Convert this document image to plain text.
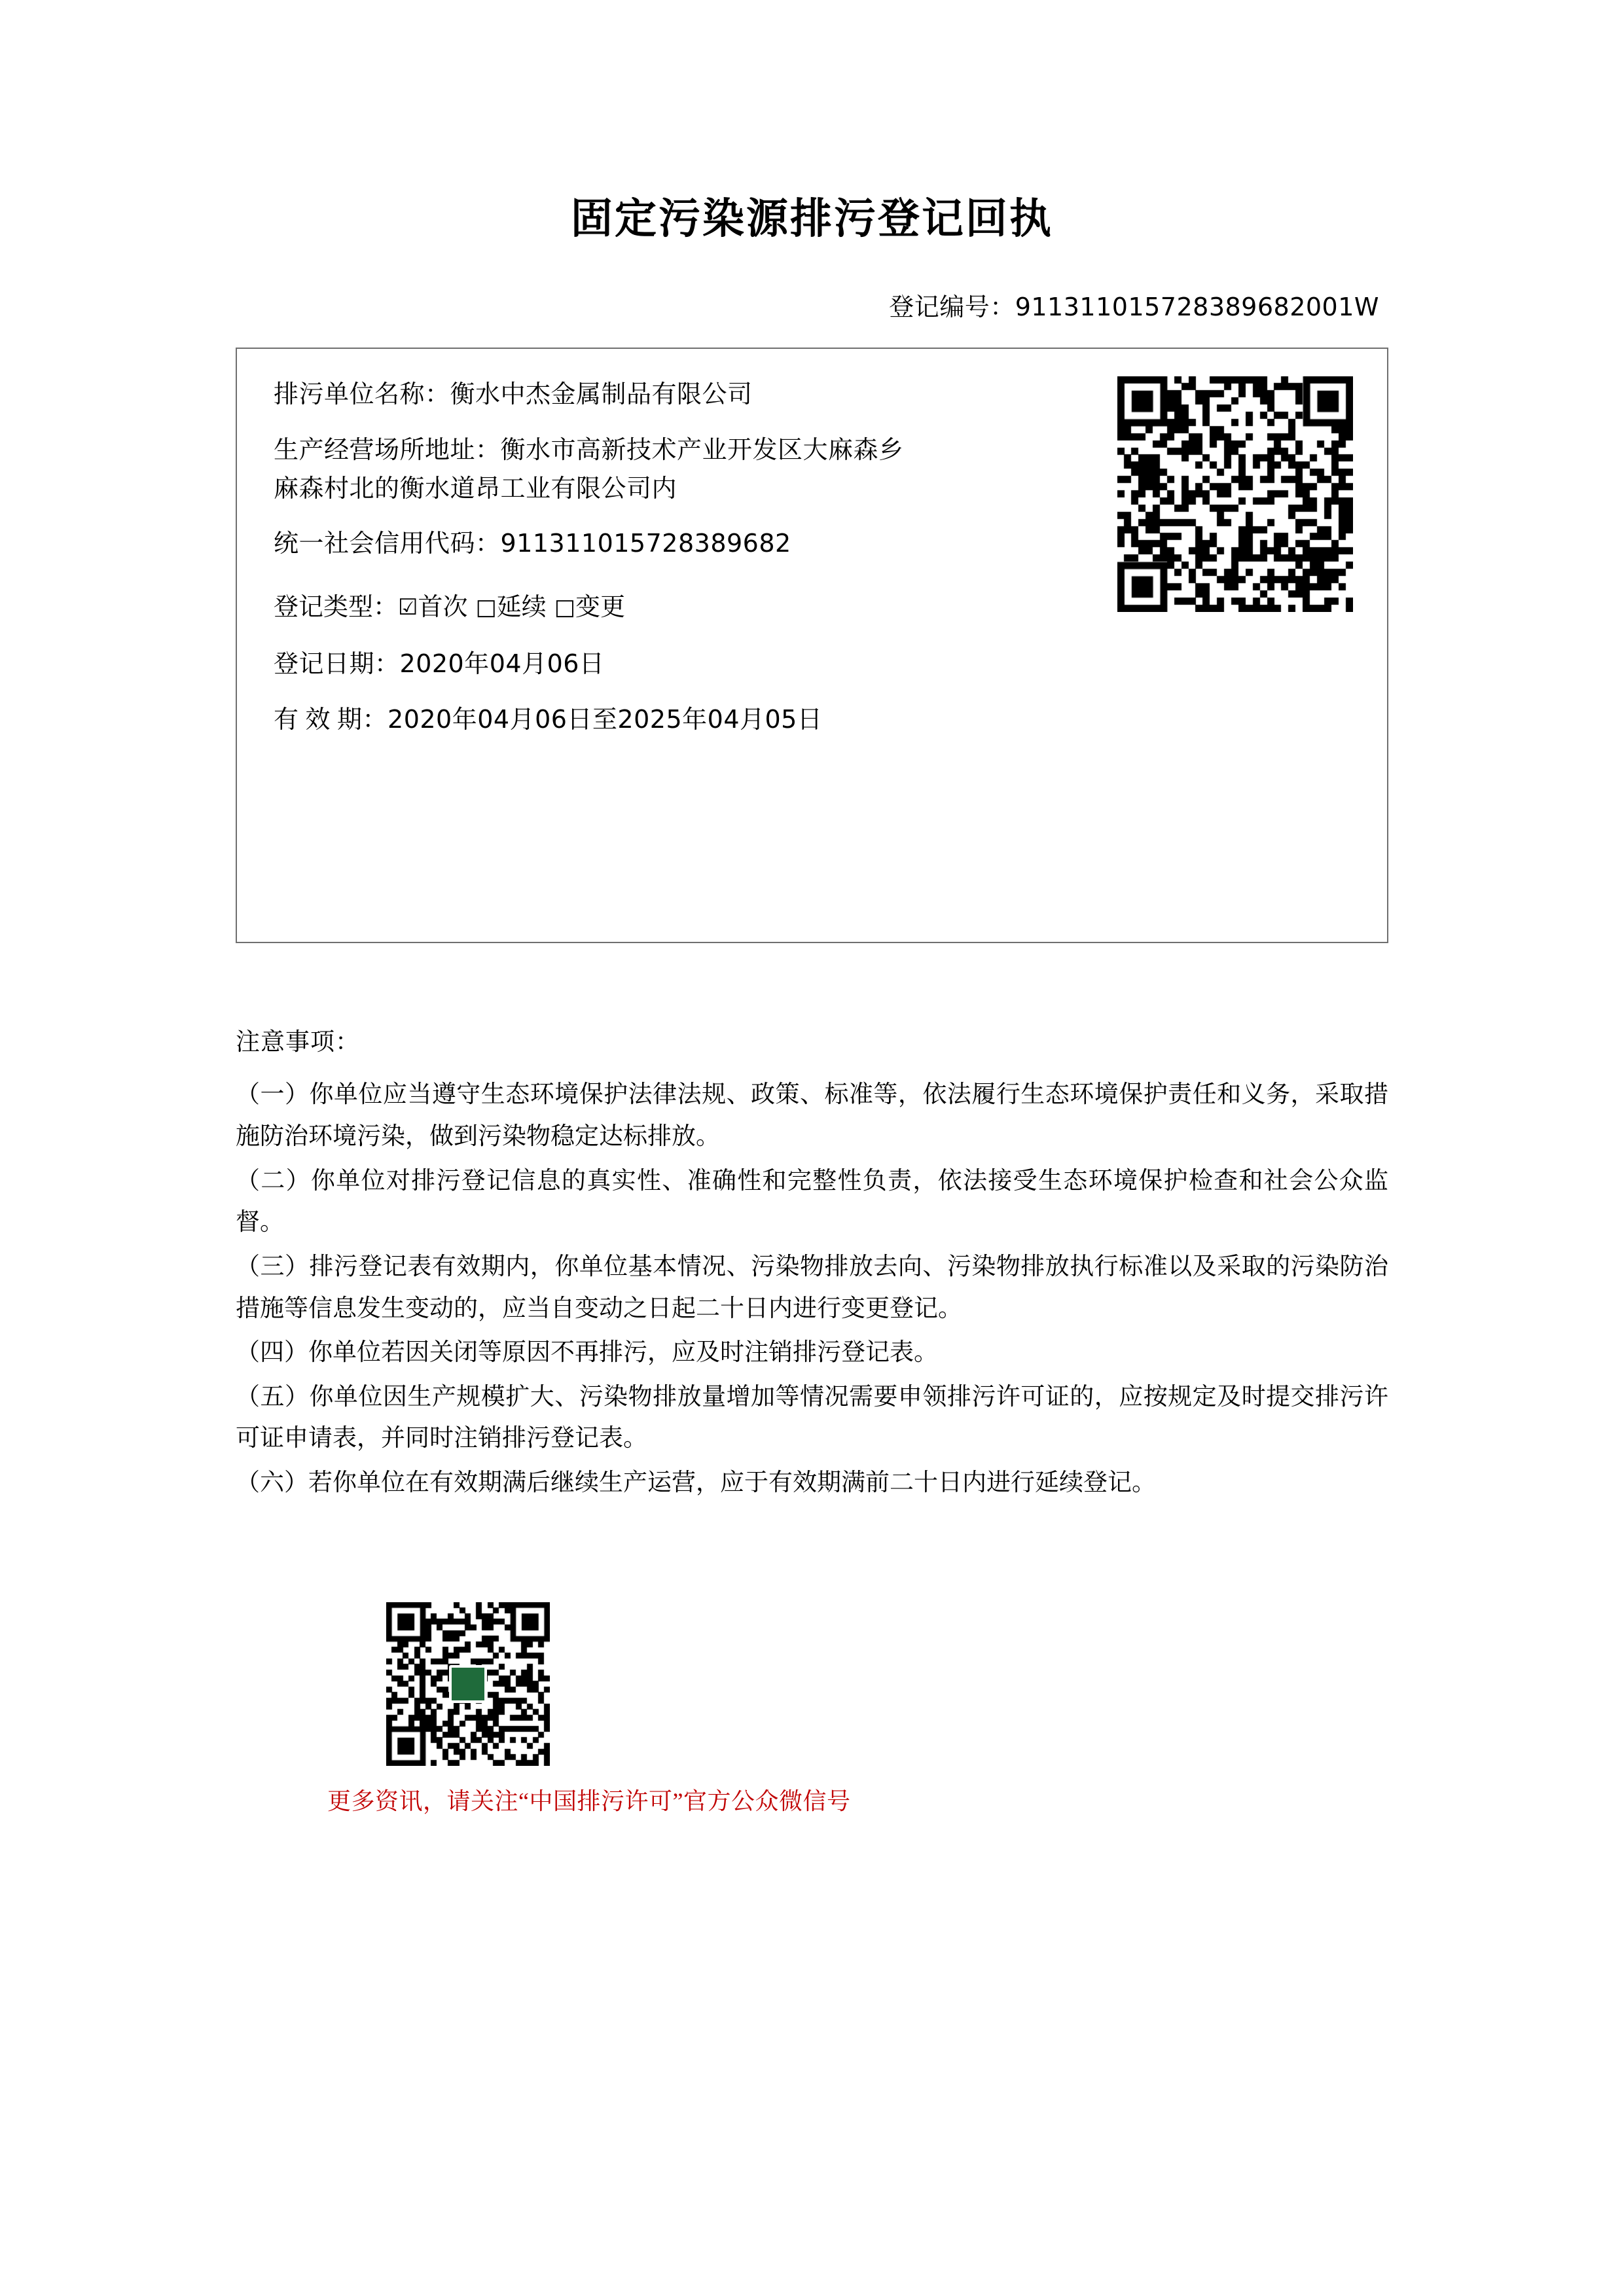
固定污染源排污登记回执
登记编号：911311015728389682001W
排污单位名称：衡水中杰金属制品有限公司
生产经营场所地址：衡水市高新技术产业开发区大麻森乡
麻森村北的衡水道昂工业有限公司内
统一社会信用代码：911311015728389682
登记类型：☑首次 □延续 □变更
登记日期：2020年04月06日
有 效 期：2020年04月06日至2025年04月05日
注意事项：
（一）你单位应当遵守生态环境保护法律法规、政策、标准等，依法履行生态环境保护责任和义务，采取措施防治环境污染，做到污染物稳定达标排放。
（二）你单位对排污登记信息的真实性、准确性和完整性负责，依法接受生态环境保护检查和社会公众监督。
（三）排污登记表有效期内，你单位基本情况、污染物排放去向、污染物排放执行标准以及采取的污染防治措施等信息发生变动的，应当自变动之日起二十日内进行变更登记。
（四）你单位若因关闭等原因不再排污，应及时注销排污登记表。
（五）你单位因生产规模扩大、污染物排放量增加等情况需要申领排污许可证的，应按规定及时提交排污许可证申请表，并同时注销排污登记表。
（六）若你单位在有效期满后继续生产运营，应于有效期满前二十日内进行延续登记。
更多资讯，请关注“中国排污许可”官方公众微信号
